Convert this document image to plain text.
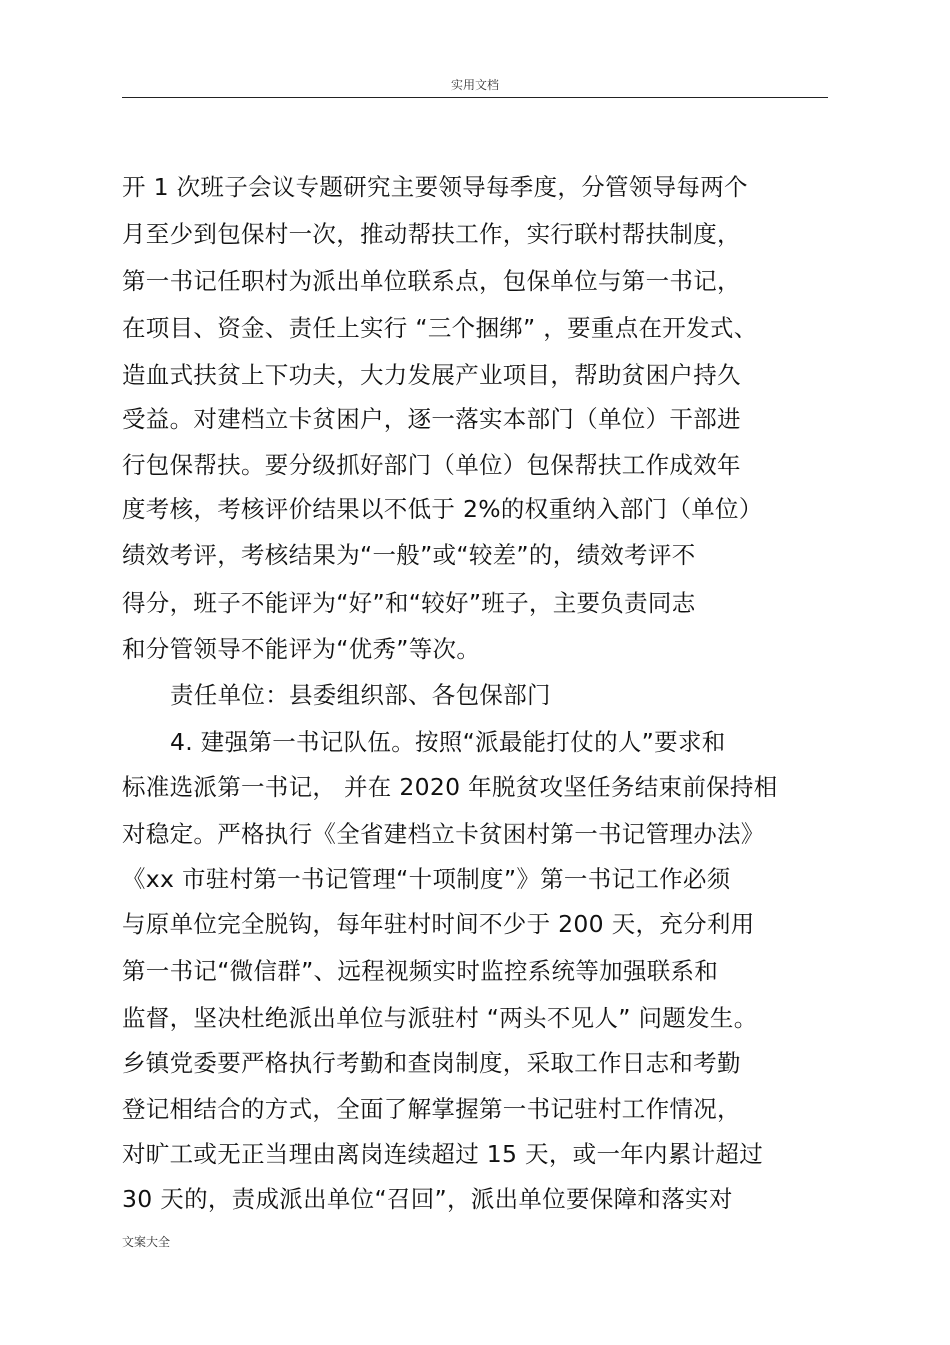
实用文档
开 1 次班子会议专题研究主要领导每季度，分管领导每两个
月至少到包保村一次，推动帮扶工作，实行联村帮扶制度，
第一书记任职村为派出单位联系点，包保单位与第一书记，
在项目、资金、责任上实行 “三个捆绑” ，要重点在开发式、
造血式扶贫上下功夫，大力发展产业项目，帮助贫困户持久
受益。对建档立卡贫困户，逐一落实本部门（单位）干部进
行包保帮扶。要分级抓好部门（单位）包保帮扶工作成效年
度考核，考核评价结果以不低于 2%的权重纳入部门（单位）
绩效考评，考核结果为“一般”或“较差”的，绩效考评不
得分，班子不能评为“好”和“较好”班子，主要负责同志
和分管领导不能评为“优秀”等次。
责任单位：县委组织部、各包保部门
4. 建强第一书记队伍。按照“派最能打仗的人”要求和
标准选派第一书记， 并在 2020 年脱贫攻坚任务结束前保持相
对稳定。严格执行《全省建档立卡贫困村第一书记管理办法》
《xx 市驻村第一书记管理“十项制度”》第一书记工作必须
与原单位完全脱钩，每年驻村时间不少于 200 天，充分利用
第一书记“微信群”、远程视频实时监控系统等加强联系和
监督，坚决杜绝派出单位与派驻村 “两头不见人” 问题发生。
乡镇党委要严格执行考勤和查岗制度，采取工作日志和考勤
登记相结合的方式，全面了解掌握第一书记驻村工作情况，
对旷工或无正当理由离岗连续超过 15 天，或一年内累计超过
30 天的，责成派出单位“召回”，派出单位要保障和落实对
文案大全
